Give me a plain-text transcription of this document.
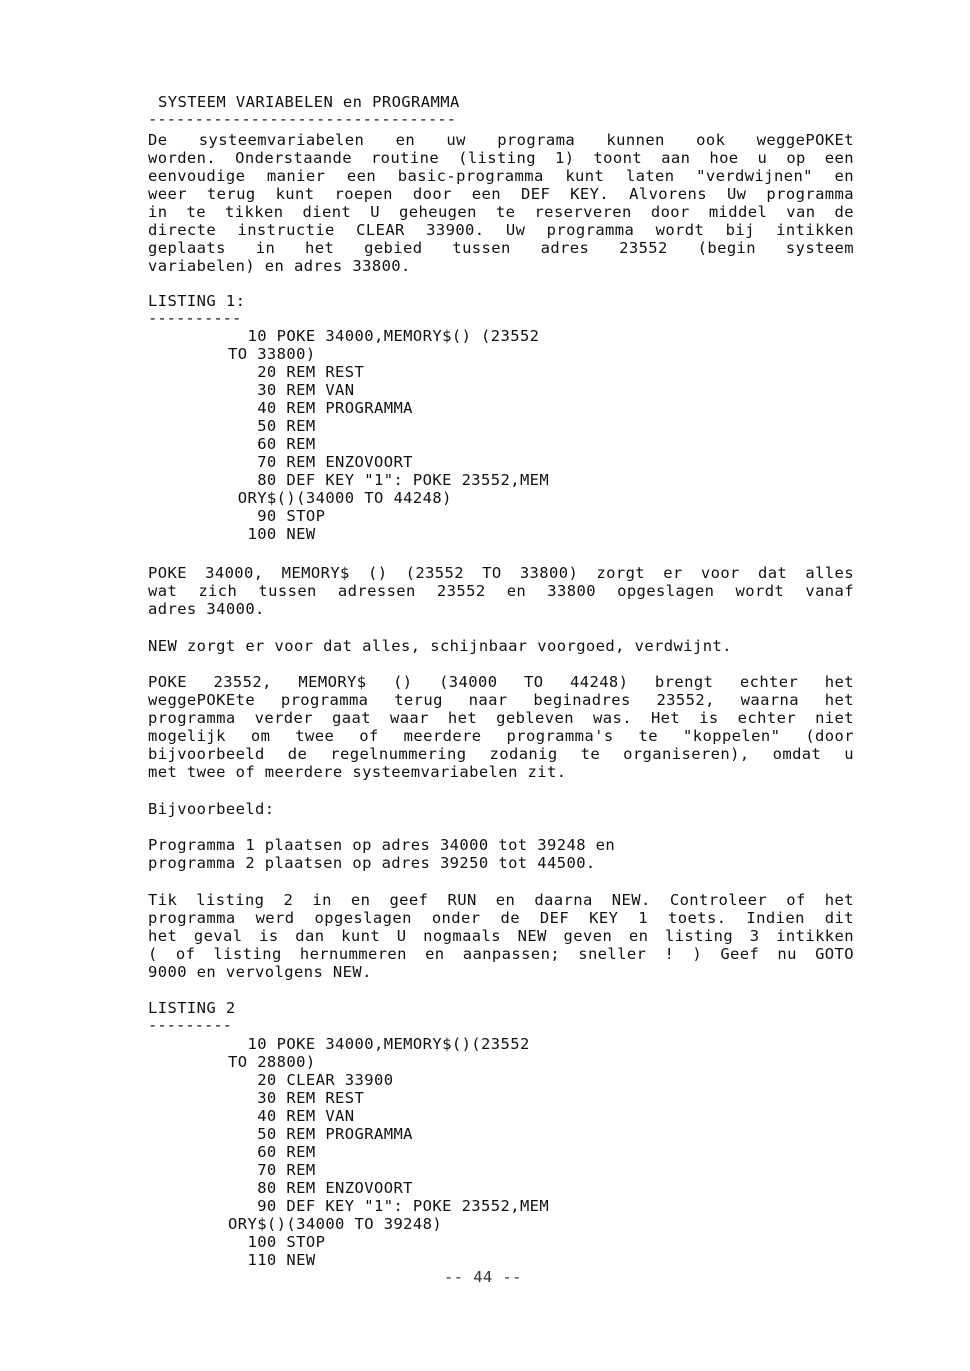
SYSTEEM VARIABELEN en PROGRAMMA
---------------------------------
De systeemvariabelen en uw programa kunnen ook weggePOKEt
worden. Onderstaande routine (listing 1) toont aan hoe u op een
eenvoudige manier een basic-programma kunt laten "verdwijnen" en
weer terug kunt roepen door een DEF KEY. Alvorens Uw programma
in te tikken dient U geheugen te reserveren door middel van de
directe instructie CLEAR 33900. Uw programma wordt bij intikken
geplaats in het gebied tussen adres 23552 (begin systeem
variabelen) en adres 33800.
LISTING 1:
----------
10 POKE 34000,MEMORY$() (23552
TO 33800)
20 REM REST
30 REM VAN
40 REM PROGRAMMA
50 REM
60 REM
70 REM ENZOVOORT
80 DEF KEY "1": POKE 23552,MEM
ORY$()(34000 TO 44248)
90 STOP
100 NEW
POKE 34000, MEMORY$ () (23552 TO 33800) zorgt er voor dat alles
wat zich tussen adressen 23552 en 33800 opgeslagen wordt vanaf
adres 34000.
NEW zorgt er voor dat alles, schijnbaar voorgoed, verdwijnt.
POKE 23552, MEMORY$ () (34000 TO 44248) brengt echter het
weggePOKEte programma terug naar beginadres 23552, waarna het
programma verder gaat waar het gebleven was. Het is echter niet
mogelijk om twee of meerdere programma's te "koppelen" (door
bijvoorbeeld de regelnummering zodanig te organiseren), omdat u
met twee of meerdere systeemvariabelen zit.
Bijvoorbeeld:
Programma 1 plaatsen op adres 34000 tot 39248 en
programma 2 plaatsen op adres 39250 tot 44500.
Tik listing 2 in en geef RUN en daarna NEW. Controleer of het
programma werd opgeslagen onder de DEF KEY 1 toets. Indien dit
het geval is dan kunt U nogmaals NEW geven en listing 3 intikken
( of listing hernummeren en aanpassen; sneller ! ) Geef nu GOTO
9000 en vervolgens NEW.
LISTING 2
---------
10 POKE 34000,MEMORY$()(23552
TO 28800)
20 CLEAR 33900
30 REM REST
40 REM VAN
50 REM PROGRAMMA
60 REM
70 REM
80 REM ENZOVOORT
90 DEF KEY "1": POKE 23552,MEM
ORY$()(34000 TO 39248)
100 STOP
110 NEW
-- 44 --
